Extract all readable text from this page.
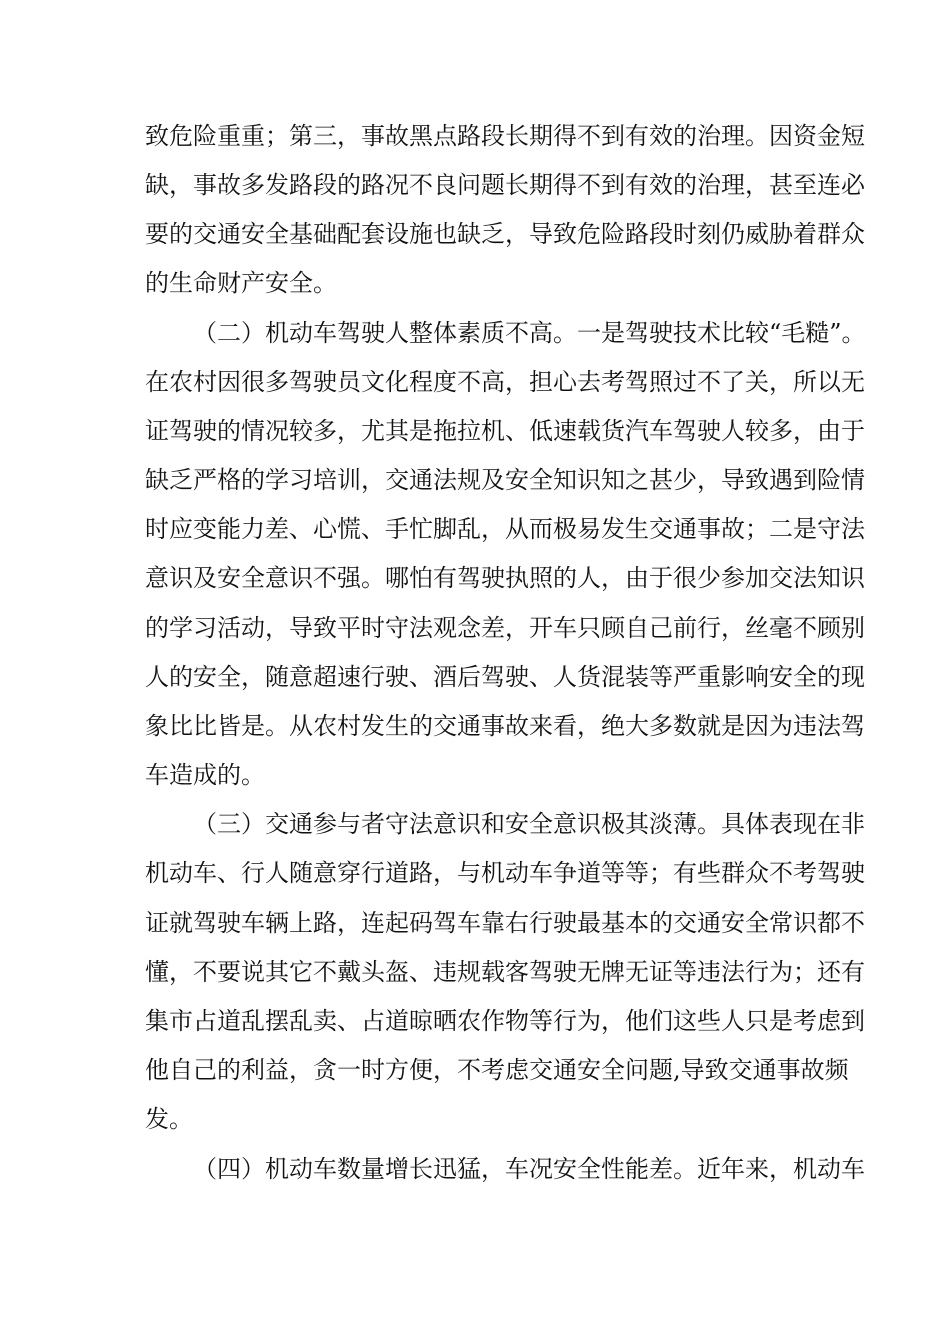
致危险重重；第三，事故黑点路段长期得不到有效的治理。因资金短
缺，事故多发路段的路况不良问题长期得不到有效的治理，甚至连必
要的交通安全基础配套设施也缺乏，导致危险路段时刻仍威胁着群众
的生命财产安全。
（二）机动车驾驶人整体素质不高。一是驾驶技术比较“毛糙”。
在农村因很多驾驶员文化程度不高，担心去考驾照过不了关，所以无
证驾驶的情况较多，尤其是拖拉机、低速载货汽车驾驶人较多，由于
缺乏严格的学习培训，交通法规及安全知识知之甚少，导致遇到险情
时应变能力差、心慌、手忙脚乱，从而极易发生交通事故；二是守法
意识及安全意识不强。哪怕有驾驶执照的人，由于很少参加交法知识
的学习活动，导致平时守法观念差，开车只顾自己前行，丝毫不顾别
人的安全，随意超速行驶、酒后驾驶、人货混装等严重影响安全的现
象比比皆是。从农村发生的交通事故来看，绝大多数就是因为违法驾
车造成的。
（三）交通参与者守法意识和安全意识极其淡薄。具体表现在非
机动车、行人随意穿行道路，与机动车争道等等；有些群众不考驾驶
证就驾驶车辆上路，连起码驾车靠右行驶最基本的交通安全常识都不
懂，不要说其它不戴头盔、违规载客驾驶无牌无证等违法行为；还有
集市占道乱摆乱卖、占道晾晒农作物等行为，他们这些人只是考虑到
他自己的利益，贪一时方便，不考虑交通安全问题,导致交通事故频
发。
（四）机动车数量增长迅猛，车况安全性能差。近年来，机动车
